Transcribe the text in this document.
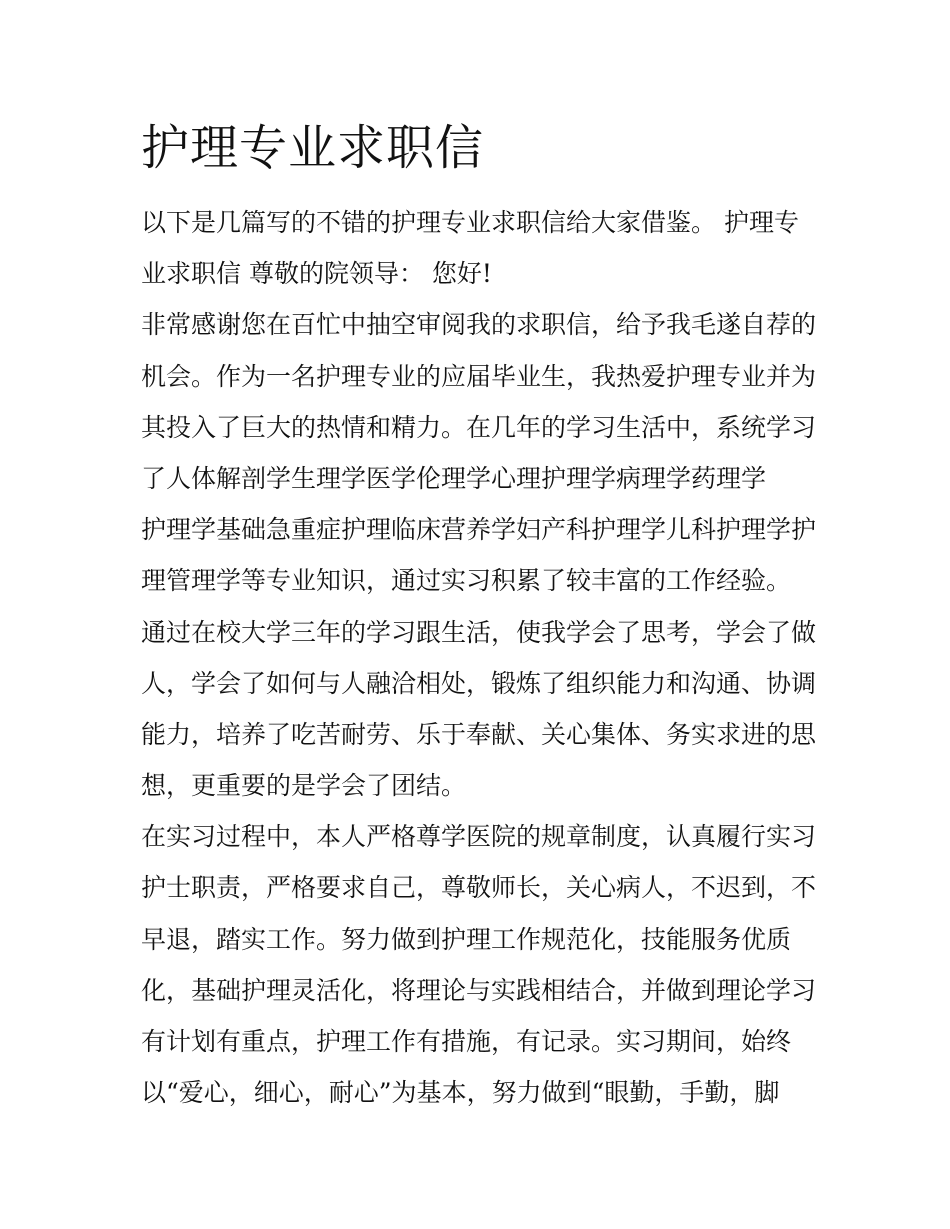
护理专业求职信
以下是几篇写的不错的护理专业求职信给大家借鉴。 护理专
业求职信 尊敬的院领导： 您好!
非常感谢您在百忙中抽空审阅我的求职信，给予我毛遂自荐的
机会。作为一名护理专业的应届毕业生，我热爱护理专业并为
其投入了巨大的热情和精力。在几年的学习生活中，系统学习
了人体解剖学生理学医学伦理学心理护理学病理学药理学
护理学基础急重症护理临床营养学妇产科护理学儿科护理学护
理管理学等专业知识，通过实习积累了较丰富的工作经验。
通过在校大学三年的学习跟生活，使我学会了思考，学会了做
人，学会了如何与人融洽相处，锻炼了组织能力和沟通、协调
能力，培养了吃苦耐劳、乐于奉献、关心集体、务实求进的思
想，更重要的是学会了团结。
在实习过程中，本人严格尊学医院的规章制度，认真履行实习
护士职责，严格要求自己，尊敬师长，关心病人，不迟到，不
早退，踏实工作。努力做到护理工作规范化，技能服务优质
化，基础护理灵活化，将理论与实践相结合，并做到理论学习
有计划有重点，护理工作有措施，有记录。实习期间，始终
以“爱心，细心，耐心”为基本，努力做到“眼勤，手勤，脚
